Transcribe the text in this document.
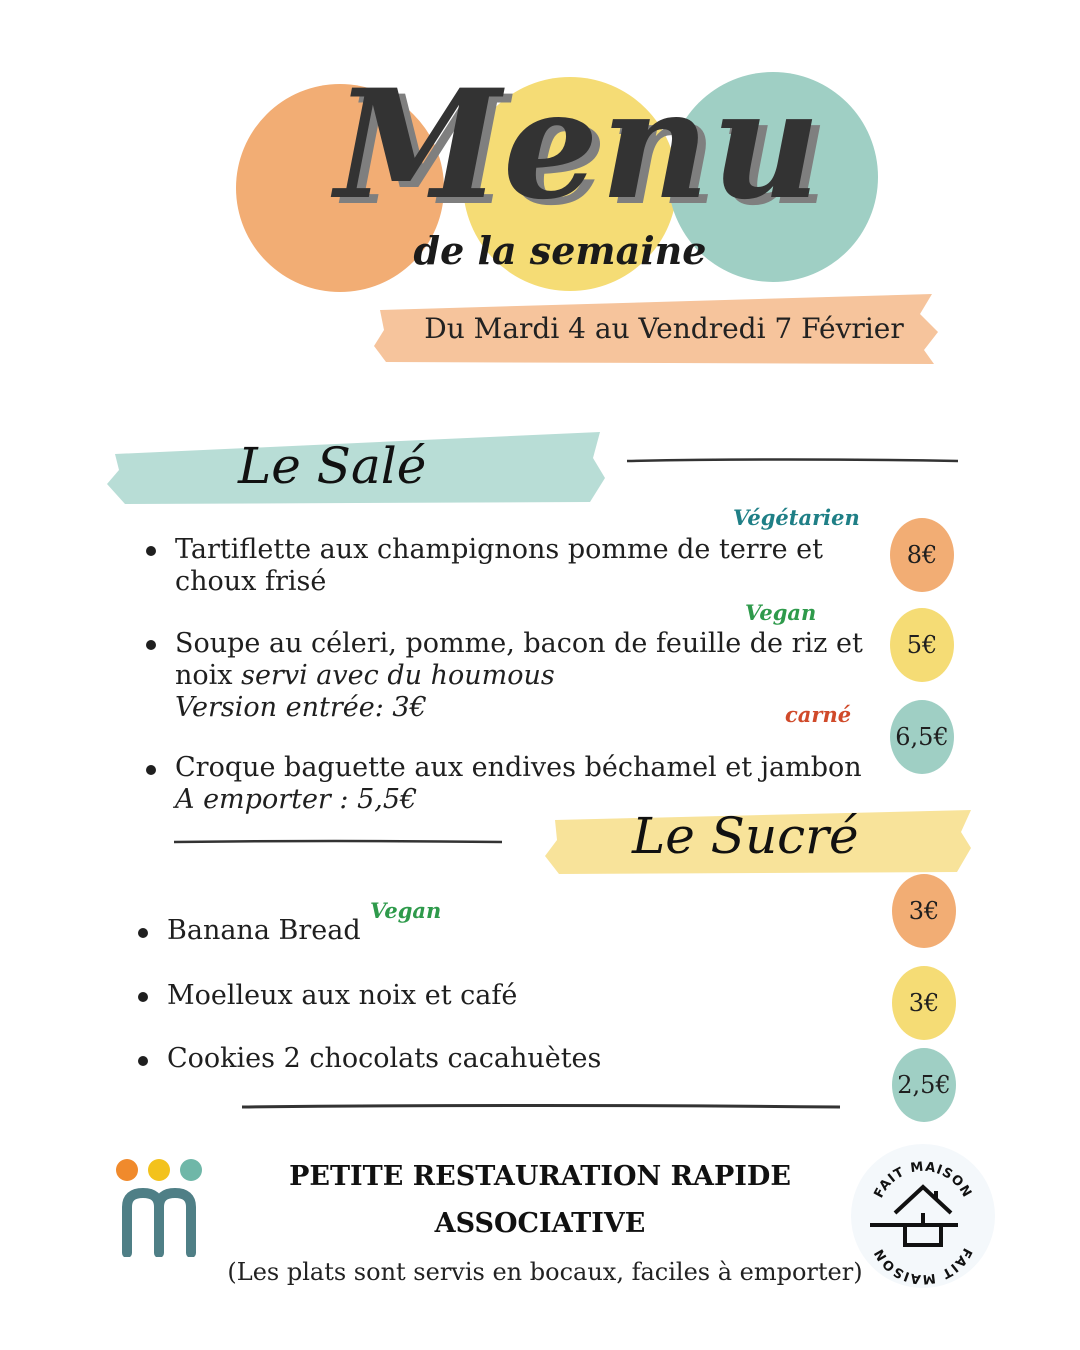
Menu
de la semaine
Du Mardi 4 au Vendredi 7 Février
Le Salé
Végétarien
Tartiflette aux champignons pomme de terre et
choux frisé
8€
Vegan
Soupe au céleri, pomme, bacon de feuille de riz et
noix servi avec du houmous
Version entrée: 3€
5€
carné
Croque baguette aux endives béchamel et jambon
A emporter : 5,5€
6,5€
Le Sucré
Vegan
Banana Bread
3€
Moelleux aux noix et café	3€
Cookies 2 chocolats cacahuètes
2,5€
PETITE RESTAURATION RAPIDE
ASSOCIATIVE
(Les plats sont servis en bocaux, faciles à emporter)
FAIT MAISON
FAIT MAISON
